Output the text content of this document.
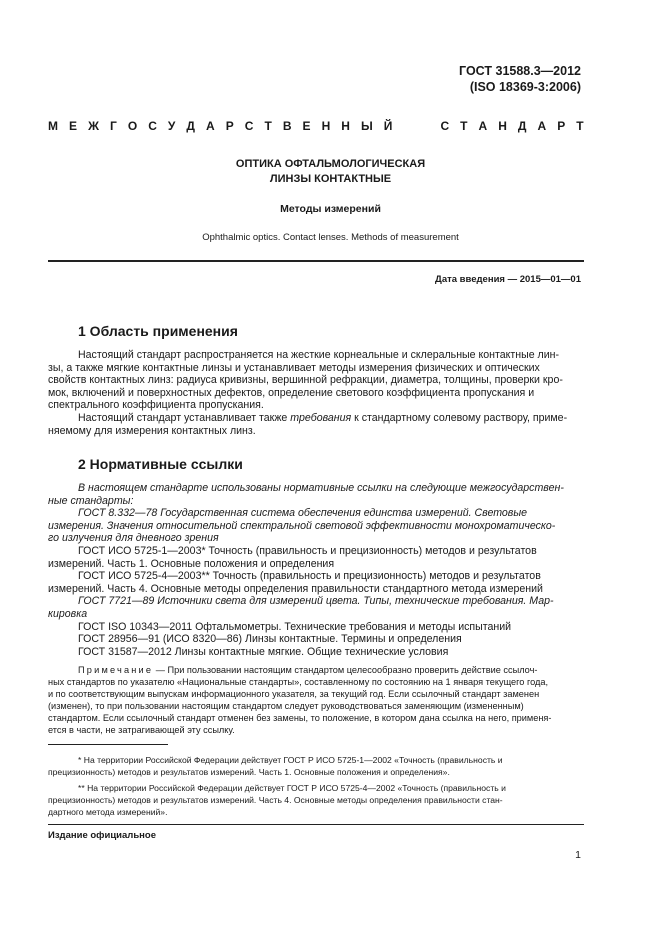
ГОСТ 31588.3—2012
(ISO 18369-3:2006)
М Е Ж Г О С У Д А Р С Т В Е Н Н Ы Й	С Т А Н Д А Р Т
ОПТИКА ОФТАЛЬМОЛОГИЧЕСКАЯ
ЛИНЗЫ КОНТАКТНЫЕ
Методы измерений
Ophthalmic optics. Contact lenses. Methods of measurement
Дата введения — 2015—01—01
1 Область применения

Настоящий стандарт распространяется на жесткие корнеальные и склеральные контактные лин-

зы, а также мягкие контактные линзы и устанавливает методы измерения физических и оптических

свойств контактных линз: радиуса кривизны, вершинной рефракции, диаметра, толщины, проверки кро-

мок, включений и поверхностных дефектов, определение светового коэффициента пропускания и

спектрального коэффициента пропускания.

Настоящий стандарт устанавливает также требования к стандартному солевому раствору, приме-

няемому для измерения контактных линз.

2 Нормативные ссылки

В настоящем стандарте использованы нормативные ссылки на следующие межгосударствен-

ные стандарты:

ГОСТ 8.332—78 Государственная система обеспечения единства измерений. Световые

измерения. Значения относительной спектральной световой эффективности монохроматическо-

го излучения для дневного зрения

ГОСТ ИСО 5725-1—2003* Точность (правильность и прецизионность) методов и результатов

измерений. Часть 1. Основные положения и определения

ГОСТ ИСО 5725-4—2003** Точность (правильность и прецизионность) методов и результатов

измерений. Часть 4. Основные методы определения правильности стандартного метода измерений

ГОСТ 7721—89 Источники света для измерений цвета. Типы, технические требования. Мар-

кировка

ГОСТ ISO 10343—2011 Офтальмометры. Технические требования и методы испытаний

ГОСТ 28956—91 (ИСО 8320—86) Линзы контактные. Термины и определения

ГОСТ 31587—2012 Линзы контактные мягкие. Общие технические условия

Примечание — При пользовании настоящим стандартом целесообразно проверить действие ссылоч-
ных стандартов по указателю «Национальные стандарты», составленному по состоянию на 1 января текущего года,
и по соответствующим выпускам информационного указателя, за текущий год. Если ссылочный стандарт заменен
(изменен), то при пользовании настоящим стандартом следует руководствоваться заменяющим (измененным)
стандартом. Если ссылочный стандарт отменен без замены, то положение, в котором дана ссылка на него, применя-
ется в части, не затрагивающей эту ссылку.
* На территории Российской Федерации действует ГОСТ Р ИСО 5725-1—2002 «Точность (правильность и
прецизионность) методов и результатов измерений. Часть 1. Основные положения и определения».
** На территории Российской Федерации действует ГОСТ Р ИСО 5725-4—2002 «Точность (правильность и
прецизионность) методов и результатов измерений. Часть 4. Основные методы определения правильности стан-
дартного метода измерений».
Издание официальное
1
